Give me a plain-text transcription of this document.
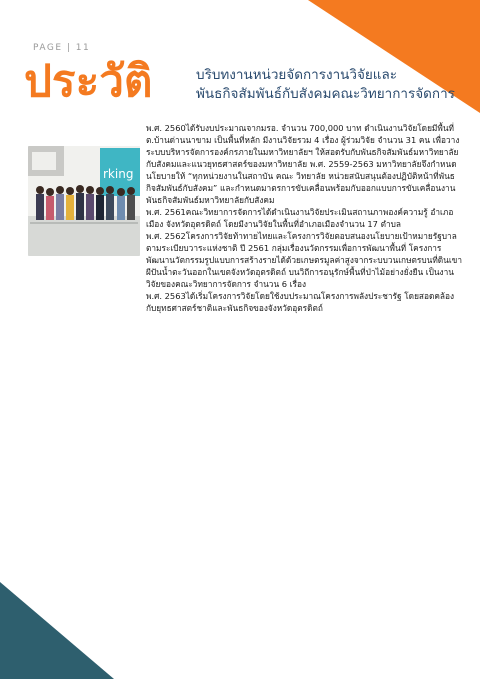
PAGE | 11
ประวัติ	บริบทงานหน่วยจัดการงานวิจัยและ
พันธกิจสัมพันธ์กับสังคมคณะวิทยาการจัดการ
rking

พ.ศ. 2560ได้รับงบประมาณจากมรอ. จำนวน 700,000 บาท ดำเนินงานวิจัยโดยมีพื้นที่ต.บ้านด่านนาขาม เป็นพื้นที่หลัก มีงานวิจัยรวม 4 เรื่อง ผู้ร่วมวิจัย จำนวน 31 คน เพื่อวางระบบบริหารจัดการองค์กรภายในมหาวิทยาลัยฯ ให้สอดรับกับพันธกิจสัมพันธ์มหาวิทยาลัยกับสังคมและแนวยุทธศาสตร์ของมหาวิทยาลัย พ.ศ. 2559-2563 มหาวิทยาลัยจึงกำหนดนโยบายให้ “ทุกหน่วยงานในสถาบัน คณะ วิทยาลัย หน่วยสนับสนุนต้องปฏิบัติหน้าที่พันธกิจสัมพันธ์กับสังคม” และกำหนดมาตรการขับเคลื่อนพร้อมกับออกแบบการขับเคลื่อนงานพันธกิจสัมพันธ์มหาวิทยาลัยกับสังคม

พ.ศ. 2561คณะวิทยาการจัดการได้ดำเนินงานวิจัยประเมินสถานภาพองค์ความรู้ อำเภอเมือง จังหวัดอุตรดิตถ์ โดยมีงานวิจัยในพื้นที่อำเภอเมืองจำนวน 17 ตำบล

พ.ศ. 2562โครงการวิจัยท้าทายไทยและโครงการวิจัยตอบสนองนโยบายเป้าหมายรัฐบาลตามระเบียบวาระแห่งชาติ ปี 2561 กลุ่มเรื่องนวัตกรรมเพื่อการพัฒนาพื้นที่ โครงการพัฒนานวัตกรรมรูปแบบการสร้างรายได้ด้วยเกษตรมูลค่าสูงจากระบบวนเกษตรบนที่ดินเขาผีปันน้ำตะวันออกในเขตจังหวัดอุตรดิตถ์ บนวิถีการอนุรักษ์พื้นที่ป่าไม้อย่างยั่งยืน เป็นงานวิจัยของคณะวิทยาการจัดการ จำนวน 6 เรื่อง

พ.ศ. 2563ได้เริ่มโครงการวิจัยโดยใช้งบประมาณโครงการพลังประชารัฐ โดยสอดคล้องกับยุทธศาสตร์ชาติและพันธกิจของจังหวัดอุตรดิตถ์
